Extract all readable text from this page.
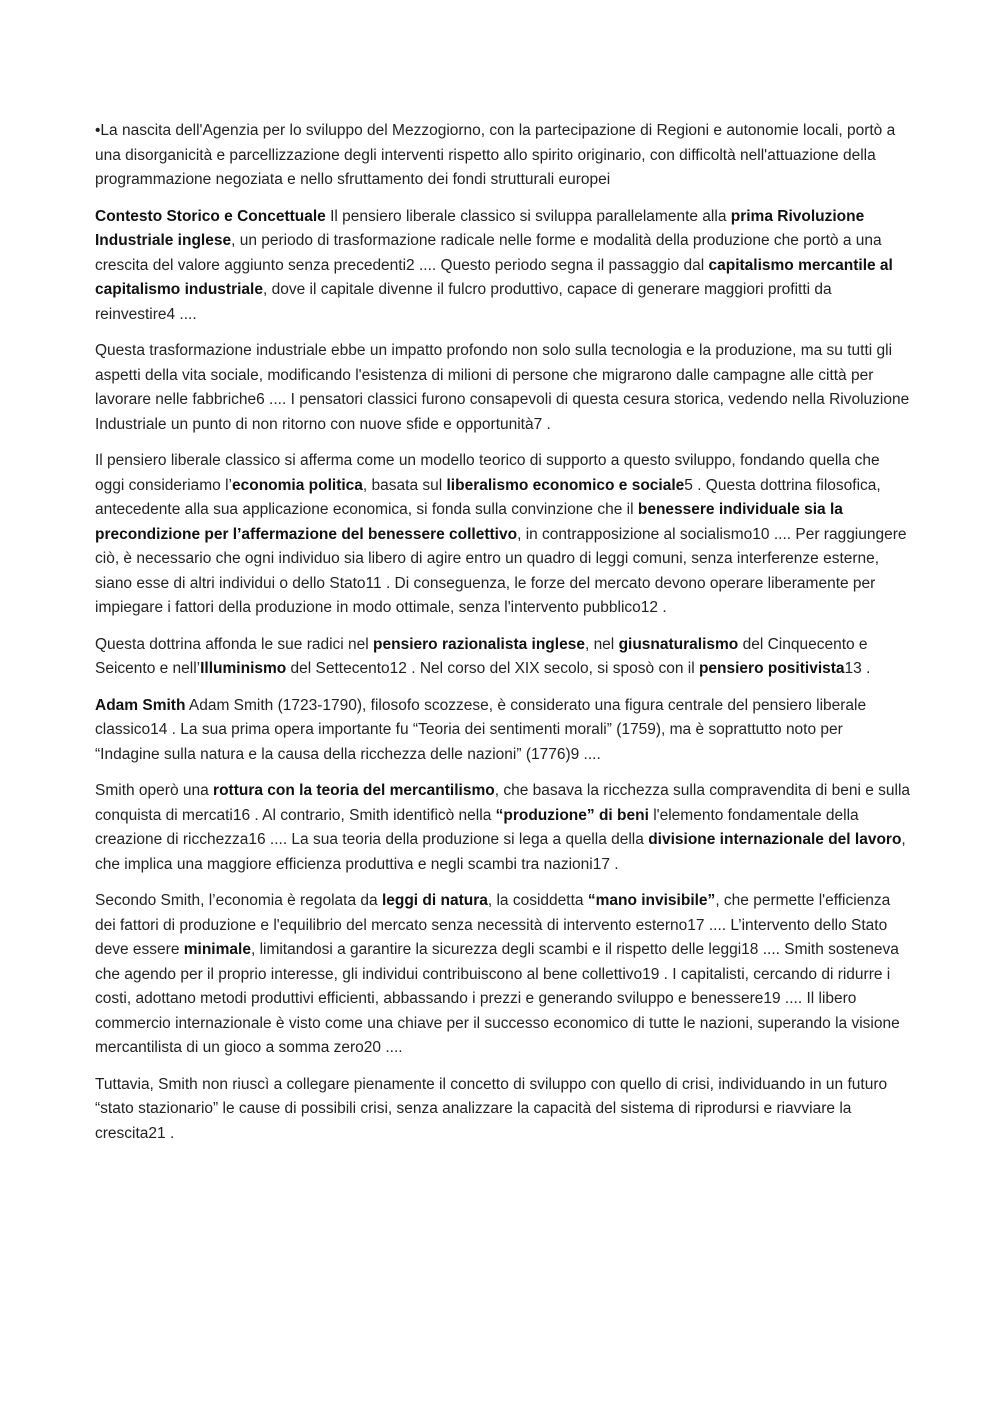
•La nascita dell'Agenzia per lo sviluppo del Mezzogiorno, con la partecipazione di Regioni e autonomie locali, portò a una disorganicità e parcellizzazione degli interventi rispetto allo spirito originario, con difficoltà nell'attuazione della programmazione negoziata e nello sfruttamento dei fondi strutturali europei

Contesto Storico e Concettuale Il pensiero liberale classico si sviluppa parallelamente alla prima Rivoluzione Industriale inglese, un periodo di trasformazione radicale nelle forme e modalità della produzione che portò a una crescita del valore aggiunto senza precedenti2 .... Questo periodo segna il passaggio dal capitalismo mercantile al capitalismo industriale, dove il capitale divenne il fulcro produttivo, capace di generare maggiori profitti da reinvestire4 ....

Questa trasformazione industriale ebbe un impatto profondo non solo sulla tecnologia e la produzione, ma su tutti gli aspetti della vita sociale, modificando l'esistenza di milioni di persone che migrarono dalle campagne alle città per lavorare nelle fabbriche6 .... I pensatori classici furono consapevoli di questa cesura storica, vedendo nella Rivoluzione Industriale un punto di non ritorno con nuove sfide e opportunità7 .

Il pensiero liberale classico si afferma come un modello teorico di supporto a questo sviluppo, fondando quella che oggi consideriamo l’economia politica, basata sul liberalismo economico e sociale5 . Questa dottrina filosofica, antecedente alla sua applicazione economica, si fonda sulla convinzione che il benessere individuale sia la precondizione per l’affermazione del benessere collettivo, in contrapposizione al socialismo10 .... Per raggiungere ciò, è necessario che ogni individuo sia libero di agire entro un quadro di leggi comuni, senza interferenze esterne, siano esse di altri individui o dello Stato11 . Di conseguenza, le forze del mercato devono operare liberamente per impiegare i fattori della produzione in modo ottimale, senza l'intervento pubblico12 .

Questa dottrina affonda le sue radici nel pensiero razionalista inglese, nel giusnaturalismo del Cinquecento e Seicento e nell’Illuminismo del Settecento12 . Nel corso del XIX secolo, si sposò con il pensiero positivista13 .

Adam Smith Adam Smith (1723-1790), filosofo scozzese, è considerato una figura centrale del pensiero liberale classico14 . La sua prima opera importante fu “Teoria dei sentimenti morali” (1759), ma è soprattutto noto per “Indagine sulla natura e la causa della ricchezza delle nazioni” (1776)9 ....

Smith operò una rottura con la teoria del mercantilismo, che basava la ricchezza sulla compravendita di beni e sulla conquista di mercati16 . Al contrario, Smith identificò nella “produzione” di beni l'elemento fondamentale della creazione di ricchezza16 .... La sua teoria della produzione si lega a quella della divisione internazionale del lavoro, che implica una maggiore efficienza produttiva e negli scambi tra nazioni17 .

Secondo Smith, l’economia è regolata da leggi di natura, la cosiddetta “mano invisibile”, che permette l'efficienza dei fattori di produzione e l'equilibrio del mercato senza necessità di intervento esterno17 .... L’intervento dello Stato deve essere minimale, limitandosi a garantire la sicurezza degli scambi e il rispetto delle leggi18 .... Smith sosteneva che agendo per il proprio interesse, gli individui contribuiscono al bene collettivo19 . I capitalisti, cercando di ridurre i costi, adottano metodi produttivi efficienti, abbassando i prezzi e generando sviluppo e benessere19 .... Il libero commercio internazionale è visto come una chiave per il successo economico di tutte le nazioni, superando la visione mercantilista di un gioco a somma zero20 ....

Tuttavia, Smith non riuscì a collegare pienamente il concetto di sviluppo con quello di crisi, individuando in un futuro “stato stazionario” le cause di possibili crisi, senza analizzare la capacità del sistema di riprodursi e riavviare la crescita21 .
